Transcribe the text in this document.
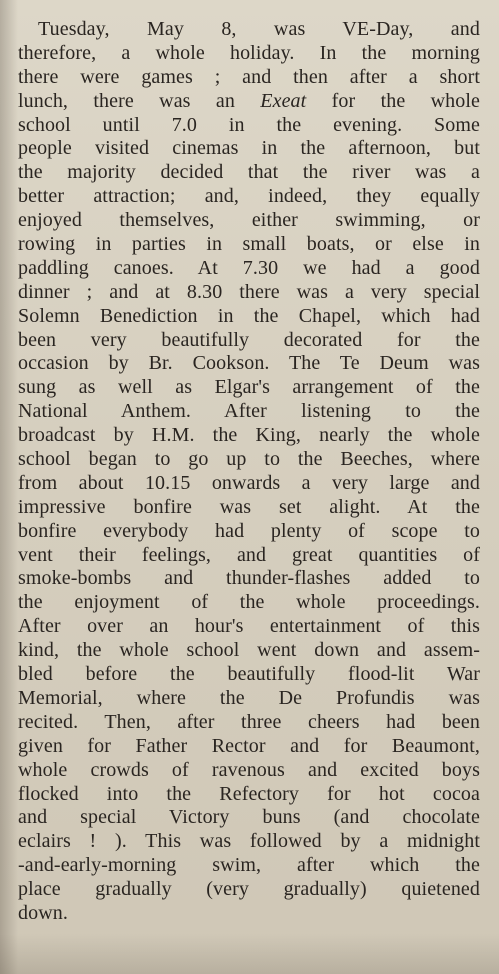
Tuesday, May 8, was VE-Day, and
therefore, a whole holiday. In the morning
there were games ; and then after a short
lunch, there was an Exeat for the whole
school until 7.0 in the evening. Some
people visited cinemas in the afternoon, but
the majority decided that the river was a
better attraction; and, indeed, they equally
enjoyed themselves, either swimming, or
rowing in parties in small boats, or else in
paddling canoes. At 7.30 we had a good
dinner ; and at 8.30 there was a very special
Solemn Benediction in the Chapel, which had
been very beautifully decorated for the
occasion by Br. Cookson. The Te Deum was
sung as well as Elgar's arrangement of the
National Anthem. After listening to the
broadcast by H.M. the King, nearly the whole
school began to go up to the Beeches, where
from about 10.15 onwards a very large and
impressive bonfire was set alight. At the
bonfire everybody had plenty of scope to
vent their feelings, and great quantities of
smoke-bombs and thunder-flashes added to
the enjoyment of the whole proceedings.
After over an hour's entertainment of this
kind, the whole school went down and assem-
bled before the beautifully flood-lit War
Memorial, where the De Profundis was
recited. Then, after three cheers had been
given for Father Rector and for Beaumont,
whole crowds of ravenous and excited boys
flocked into the Refectory for hot cocoa
and special Victory buns (and chocolate
eclairs ! ). This was followed by a midnight
-and-early-morning swim, after which the
place gradually (very gradually) quietened
down.
